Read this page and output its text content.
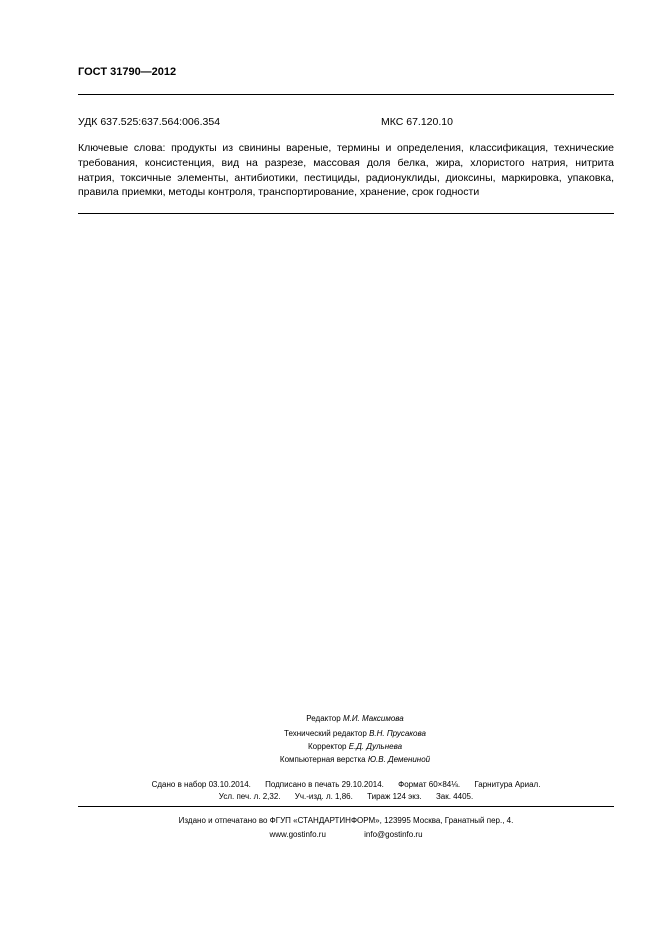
ГОСТ 31790—2012
УДК 637.525:637.564:006.354	МКС 67.120.10
Ключевые слова: продукты из свинины вареные, термины и определения, классификация, технические
требования, консистенция, вид на разрезе, массовая доля белка, жира, хлористого натрия, нитрита
натрия, токсичные элементы, антибиотики, пестициды, радионуклиды, диоксины, маркировка, упаковка,
правила приемки, методы контроля, транспортирование, хранение, срок годности
Редактор М.И. Максимова
Технический редактор В.Н. Прусакова
Корректор Е.Д. Дульнева
Компьютерная верстка Ю.В. Демениной
Сдано в набор 03.10.2014. Подписано в печать 29.10.2014. Формат 60×84⅛. Гарнитура Ариал.
Усл. печ. л. 2,32. Уч.-изд. л. 1,86. Тираж 124 экз. Зак. 4405.
Издано и отпечатано во ФГУП «СТАНДАРТИНФОРМ», 123995 Москва, Гранатный пер., 4.
www.gostinfo.ru	info@gostinfo.ru
